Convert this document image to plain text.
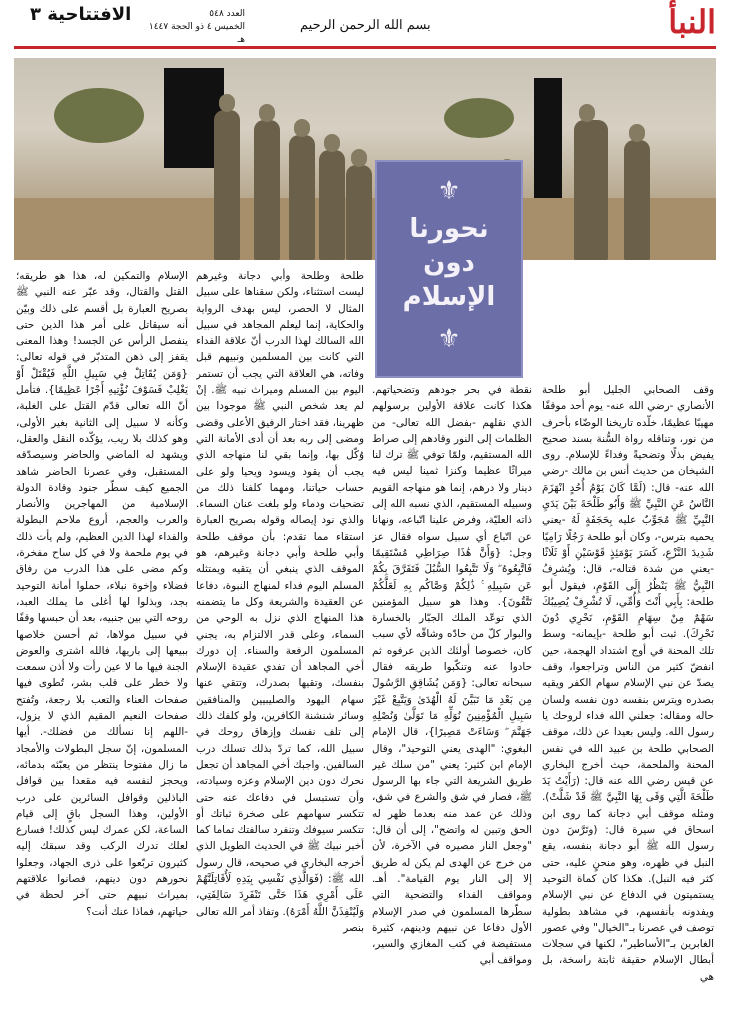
النبأ
بسم الله الرحمن الرحيم
العدد ٥٤٨
الخميس ٤ ذو الحجة ١٤٤٧ هـ
الافتتاحية ٣
⚜
نحورنا
دون
الإسلام
⚜

وقف الصحابي الجليل أبو طلحة الأنصاري -رضي الله عنه- يوم أحد موقفًا مهيبًا عظيمًا، خلّده تاريخنا الوضّاء بأحرف من نور، وتناقله رواة السُّنة بسند صحيح يفيض بذلًا وتضحيةً وفداءً للإسلام. روى الشيخان من حديث أنس بن مالك -رضي الله عنه- قال: (لَمَّا كَانَ يَوْمُ أُحُدٍ انْهَزَمَ النَّاسُ عَنِ النَّبِيِّ ﷺ وَأَبُو طَلْحَةَ بَيْنَ يَدَيِ النَّبِيِّ ﷺ مُجَوِّبٌ عليه بِحَجَفَةٍ لَهُ -يعني يحميه بترس-، وكان أبو طلحة رَجُلًا رَامِيًا شَدِيدَ النَّزْعِ، كَسَرَ يَوْمَئِذٍ قَوْسَيْنِ أَوْ ثَلَاثًا -يعني من شدة قتاله-، قال: ويُشرِفُ النَّبِيُّ ﷺ يَنْظُرُ إِلَى القَوْمِ، فيقول أبو طلحة: بِأَبِي أَنْتَ وَأُمِّي، لَا تُشْرِفْ يُصِيبُكَ سَهْمٌ مِنْ سِهَامِ القَوْمِ، نَحْرِي دُونَ نَحْرِكَ). ثبت أبو طلحة -بإيمانه- وسط تلك المحنة في أوج اشتداد الهجمة، حين انفضّ كثير من الناس وتراجعوا، وقف يصدّ عن نبي الإسلام سهام الكفر ويقيه بصدره ويترس بنفسه دون نفسه ولسان حاله ومقاله: جعلني الله فداء لروحك يا رسول الله. وليس بعيدا عن ذلك، موقف الصحابي طلحة بن عبيد الله في نفس المحنة والملحمة، حيث أخرج البخاري عن قيس رضي الله عنه قال: (رَأَيْتُ يَدَ طَلْحَةَ الَّتِي وَقَى بِهَا النَّبِيَّ ﷺ قَدْ شَلَّتْ). ومثله موقف أبي دجانة كما روى ابن اسحاق في سيرة قال: (وتَرَّسَ دون رسول الله ﷺ أبو دجانة بنفسه، يقع النبل في ظهره، وهو منحنٍ عليه، حتى كثر فيه النبل). هكذا كان كماة التوحيد يستميتون في الدفاع عن نبي الإسلام ويفدونه بأنفسهم، في مشاهد بطولية توصف في عصرنا بـ"الخيال" وفي عصور الغابرين بـ"الأساطير"، لكنها في سجلات أبطال الإسلام حقيقة ثابتة راسخة، بل هي

نقطة في بحر جودهم وتضحياتهم. هكذا كانت علاقة الأولين برسولهم الذي نقلهم -بفضل الله تعالى- من الظلمات إلى النور وقادهم إلى صراط الله المستقيم، ولمّا توفي ﷺ ترك لنا ميراثًا عظيما وكنزا ثمينا ليس فيه دينار ولا درهم، إنما هو منهاجه القويم وسبيله المستقيم، الذي نسبه الله إلى ذاته العليّة، وفرض علينا اتّباعه، ونهانا عن اتّباع أي سبيل سواه فقال عز وجل: {وَأَنَّ هَٰذَا صِرَاطِي مُسْتَقِيمًا فَاتَّبِعُوهُ ۖ وَلَا تَتَّبِعُوا السُّبُلَ فَتَفَرَّقَ بِكُمْ عَن سَبِيلِهِ ۚ ذَٰلِكُمْ وَصَّاكُم بِهِ لَعَلَّكُمْ تَتَّقُونَ}. وهذا هو سبيل المؤمنين الذي توعّد الملك الجبّار بالخسارة والبوار كلّ من حادّه وشاقّه لأي سبب كان، خصوصا أولئك الذين عرفوه ثم حادوا عنه وتنكّبوا طريقه فقال سبحانه تعالى: {وَمَن يُشَاقِقِ الرَّسُولَ مِن بَعْدِ مَا تَبَيَّنَ لَهُ الْهُدَىٰ وَيَتَّبِعْ غَيْرَ سَبِيلِ الْمُؤْمِنِينَ نُوَلِّهِ مَا تَوَلَّىٰ وَنُصْلِهِ جَهَنَّمَ ۖ وَسَاءَتْ مَصِيرًا}، قال الإمام البغوي: "الهدى يعني التوحيد"، وقال الإمام ابن كثير: يعني "من سلك غير طريق الشريعة التي جاء بها الرسول ﷺ، فصار في شق والشرع في شق، وذلك عن عمد منه بعدما ظهر له الحق وتبين له واتضح"، إلى أن قال: "وجعل النار مصيره في الآخرة، لأن من خرج عن الهدى لم يكن له طريق إلا إلى النار يوم القيامة". أهـ. ومواقف الفداء والتضحية التي سطّرها المسلمون في صدر الإسلام الأول دفاعا عن نبيهم ودينهم، كثيرة مستفيضة في كتب المغازي والسير، ومواقف أبي

طلحة وطلحة وأبي دجانة وغيرهم ليست استثناء، ولكن سقناها على سبيل المثال لا الحصر، ليس بهدف الرواية والحكاية، إنما ليعلم المجاهد في سبيل الله السالك لهذا الدرب أنّ علاقة الفداء التي كانت بين المسلمين ونبيهم قبل وفاته، هي العلاقة التي يجب أن تستمر اليوم بين المسلم وميراث نبيه ﷺ. إنْ لم يعد شخص النبي ﷺ موجودا بين ظهرينا، فقد اختار الرفيق الأعلى وقضى ومضى إلى ربه بعد أن أدى الأمانة التي وُكّل بها، وإنما بقي لنا منهاجه الذي يجب أن يقود ويسود ويحيا ولو على حساب حياتنا، ومهما كلفنا ذلك من تضحيات ودماء ولو بلغت عنان السماء. والذي نود إيصاله وقوله بصريح العبارة استقاء مما تقدم: بأن موقف طلحة وأبي طلحة وأبي دجانة وغيرهم، هو الموقف الذي ينبغي أن يتقيه ويمتثله المسلم اليوم فداء لمنهاج النبوة، دفاعا عن العقيدة والشريعة وكل ما يتضمنه هذا المنهاج الذي نزل به الوحي من السماء، وعلى قدر الالتزام به، يجني المسلمون الرفعة والسناء. إن دورك أخي المجاهد أن تفدي عقيدة الإسلام بنفسك، وتقيها بصدرك، وتتقي عنها سهام اليهود والصليبيين والمنافقين وسائر شنشنة الكافرين، ولو كلفك ذلك إلى تلف نفسك وإزهاق روحك في سبيل الله، كما تردّ بذلك تسلك درب السالفين. واجبك أخي المجاهد أن تجعل نحرك دون دين الإسلام وعزه وسيادته، وأن تستبسل في دفاعك عنه حتى تتكسر سهامهم على صخرة ثباتك أو تتكسر سيوفك وتنفرد سالفتك تماما كما أخبر نبيك ﷺ في الحديث الطويل الذي أخرجه البخاري في صحيحه، قال رسول الله ﷺ: (فَوَالَّذِي نَفْسِي بِيَدِهِ لَأُقَاتِلَنَّهُمْ عَلَى أَمْرِي هَذَا حَتَّى تَنْفَرِدَ سَالِفَتِي، وَلَيُنْفِذَنَّ اللَّهُ أَمْرَهُ). وتفاذ أمر الله تعالى بنصر

الإسلام والتمكين له، هذا هو طريقه؛ القتل والقتال، وقد عبّر عنه النبي ﷺ بصريح العبارة بل أقسم على ذلك وبيّن أنه سيقاتل على أمر هذا الدين حتى ينفصل الرأس عن الجسد! وهذا المعنى يقفز إلى ذهن المتدبّر في قوله تعالى: {وَمَن يُقَاتِلْ فِي سَبِيلِ اللَّهِ فَيُقْتَلْ أَوْ يَغْلِبْ فَسَوْفَ نُؤْتِيهِ أَجْرًا عَظِيمًا}. فتأمل أنّ الله تعالى قدّم القتل على الغلبة، وكأنه لا سبيل إلى الثانية بغير الأولى، وهو كذلك بلا ريب، يؤكّده النقل والعقل، ويشهد له الماضي والحاضر وسيصدّقه المستقبل، وفي عصرنا الحاضر شاهد الجميع كيف سطّر جنود وقادة الدولة الإسلامية من المهاجرين والأنصار والعرب والعجم، أروع ملاحم البطولة والفداء لهذا الدين العظيم، ولم يأت ذلك في يوم ملحمة ولا في كل ساح مفخرة، وكم مضى على هذا الدرب من رفاق فضلاء وإخوة نبلاء، حملوا أمانة التوحيد بجد، وبذلوا لها أغلى ما يملك العبد، روحه التي بين جنبيه، بعد أن حبسها وقفًا في سبيل مولاها، ثم أحسن خلاصها ببيعها إلى باريها، فالله اشترى والعوض الجنة فيها ما لا عين رأت ولا أذن سمعت ولا خطر على قلب بشر، تُطوى فيها صفحات العناء والتعب بلا رجعة، وتُفتح صفحات النعيم المقيم الذي لا يزول، -اللهم إنا نسألك من فضلك-. أيها المسلمون، إنّ سجل البطولات والأمجاد ما زال مفتوحا ينتظر من يعبّئه بدمائه، ويحجز لنفسه فيه مقعدا بين قوافل الباذلين وقوافل السائرين على درب الأولين، وهذا السجل باقٍ إلى قيام الساعة، لكن عمرك ليس كذلك! فسارع لعلك تدرك الركب وقد سبقك إليه كثيرون تربّعوا على ذرى الجهاد، وجعلوا نحورهم دون دينهم، فصانوا علاقتهم بميراث نبيهم حتى آخر لحظة في حياتهم، فماذا عنك أنت؟
